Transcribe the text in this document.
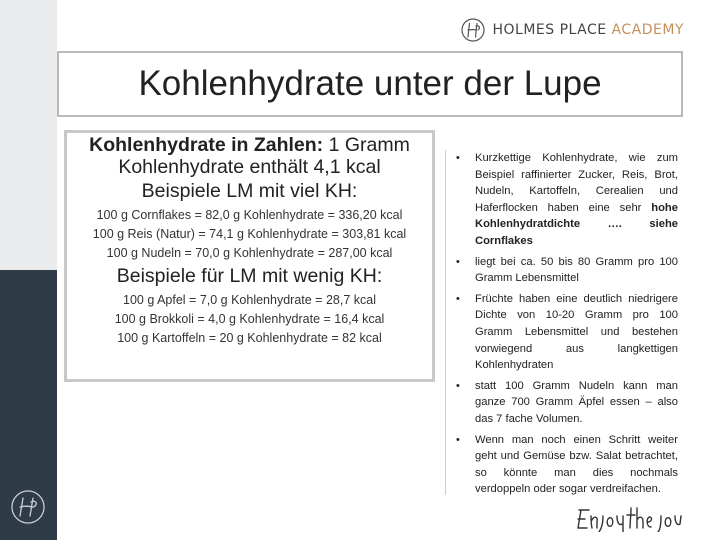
HOLMES PLACE ACADEMY
Kohlenhydrate unter der Lupe
Kohlenhydrate in Zahlen: 1 Gramm Kohlenhydrate enthält 4,1 kcal
Beispiele LM mit viel KH:
100 g Cornflakes = 82,0 g Kohlenhydrate = 336,20 kcal
100 g Reis (Natur) = 74,1 g Kohlenhydrate = 303,81 kcal
100 g Nudeln = 70,0 g Kohlenhydrate = 287,00 kcal
Beispiele für LM mit wenig KH:
100 g Apfel = 7,0 g Kohlenhydrate = 28,7 kcal
100 g Brokkoli = 4,0 g Kohlenhydrate = 16,4 kcal
100 g Kartoffeln = 20 g Kohlenhydrate = 82 kcal
• Kurzkettige Kohlenhydrate, wie zum Beispiel raffinierter Zucker, Reis, Brot, Nudeln, Kartoffeln, Cerealien und Haferflocken haben eine sehr hohe Kohlenhydratdichte …. siehe Cornflakes
• liegt bei ca. 50 bis 80 Gramm pro 100 Gramm Lebensmittel
• Früchte haben eine deutlich niedrigere Dichte von 10-20 Gramm pro 100 Gramm Lebensmittel und bestehen vorwiegend aus langkettigen Kohlenhydraten
• statt 100 Gramm Nudeln kann man ganze 700 Gramm Äpfel essen – also das 7 fache Volumen.
• Wenn man noch einen Schritt weiter geht und Gemüse bzw. Salat betrachtet, so könnte man dies nochmals verdoppeln oder sogar verdreifachen.
